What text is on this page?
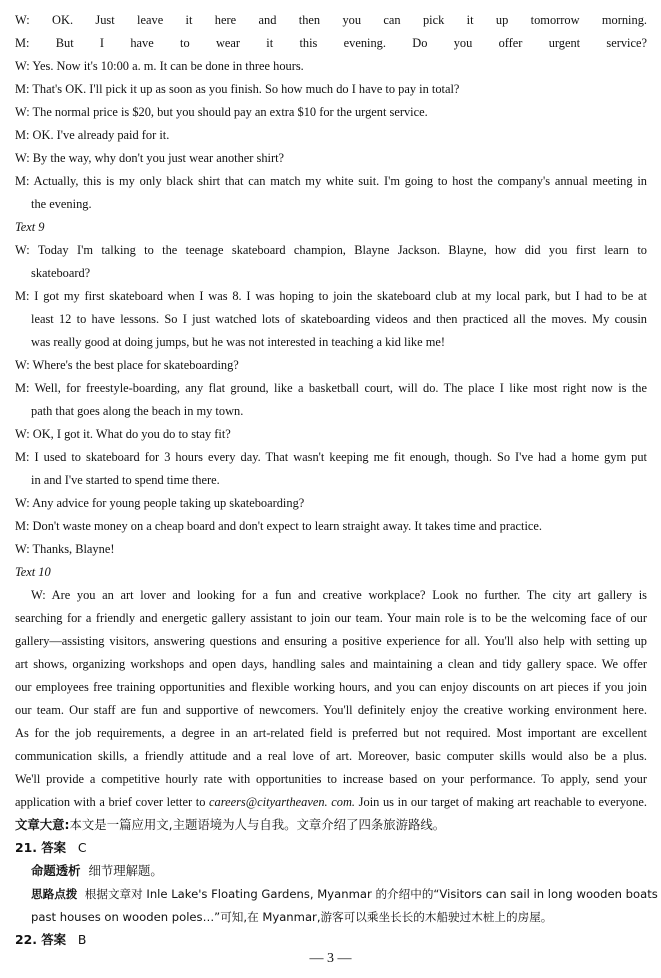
W: OK. Just leave it here and then you can pick it up tomorrow morning.
M: But I have to wear it this evening. Do you offer urgent service?
W: Yes. Now it's 10:00 a. m. It can be done in three hours.
M: That's OK. I'll pick it up as soon as you finish. So how much do I have to pay in total?
W: The normal price is $20, but you should pay an extra $10 for the urgent service.
M: OK. I've already paid for it.
W: By the way, why don't you just wear another shirt?
M: Actually, this is my only black shirt that can match my white suit. I'm going to host the company's annual meeting in
the evening.
Text 9
W: Today I'm talking to the teenage skateboard champion, Blayne Jackson. Blayne, how did you first learn to
skateboard?
M: I got my first skateboard when I was 8. I was hoping to join the skateboard club at my local park, but I had to be at
least 12 to have lessons. So I just watched lots of skateboarding videos and then practiced all the moves. My cousin
was really good at doing jumps, but he was not interested in teaching a kid like me!
W: Where's the best place for skateboarding?
M: Well, for freestyle-boarding, any flat ground, like a basketball court, will do. The place I like most right now is the
path that goes along the beach in my town.
W: OK, I got it. What do you do to stay fit?
M: I used to skateboard for 3 hours every day. That wasn't keeping me fit enough, though. So I've had a home gym put
in and I've started to spend time there.
W: Any advice for young people taking up skateboarding?
M: Don't waste money on a cheap board and don't expect to learn straight away. It takes time and practice.
W: Thanks, Blayne!
Text 10
W: Are you an art lover and looking for a fun and creative workplace? Look no further. The city art gallery is
searching for a friendly and energetic gallery assistant to join our team. Your main role is to be the welcoming face of our
gallery—assisting visitors, answering questions and ensuring a positive experience for all. You'll also help with setting up
art shows, organizing workshops and open days, handling sales and maintaining a clean and tidy gallery space. We offer
our employees free training opportunities and flexible working hours, and you can enjoy discounts on art pieces if you join
our team. Our staff are fun and supportive of newcomers. You'll definitely enjoy the creative working environment here.
As for the job requirements, a degree in an art-related field is preferred but not required. Most important are excellent
communication skills, a friendly attitude and a real love of art. Moreover, basic computer skills would also be a plus.
We'll provide a competitive hourly rate with opportunities to increase based on your performance. To apply, send your
application with a brief cover letter to careers@cityartheaven. com. Join us in our target of making art reachable to everyone.
文章大意:本文是一篇应用文,主题语境为人与自我。文章介绍了四条旅游路线。
21. 答案 C
命题透析 细节理解题。
思路点拨 根据文章对 Inle Lake's Floating Gardens, Myanmar 的介绍中的“Visitors can sail in long wooden boats
past houses on wooden poles…”可知,在 Myanmar,游客可以乘坐长长的木船驶过木桩上的房屋。
22. 答案 B
— 3 —
